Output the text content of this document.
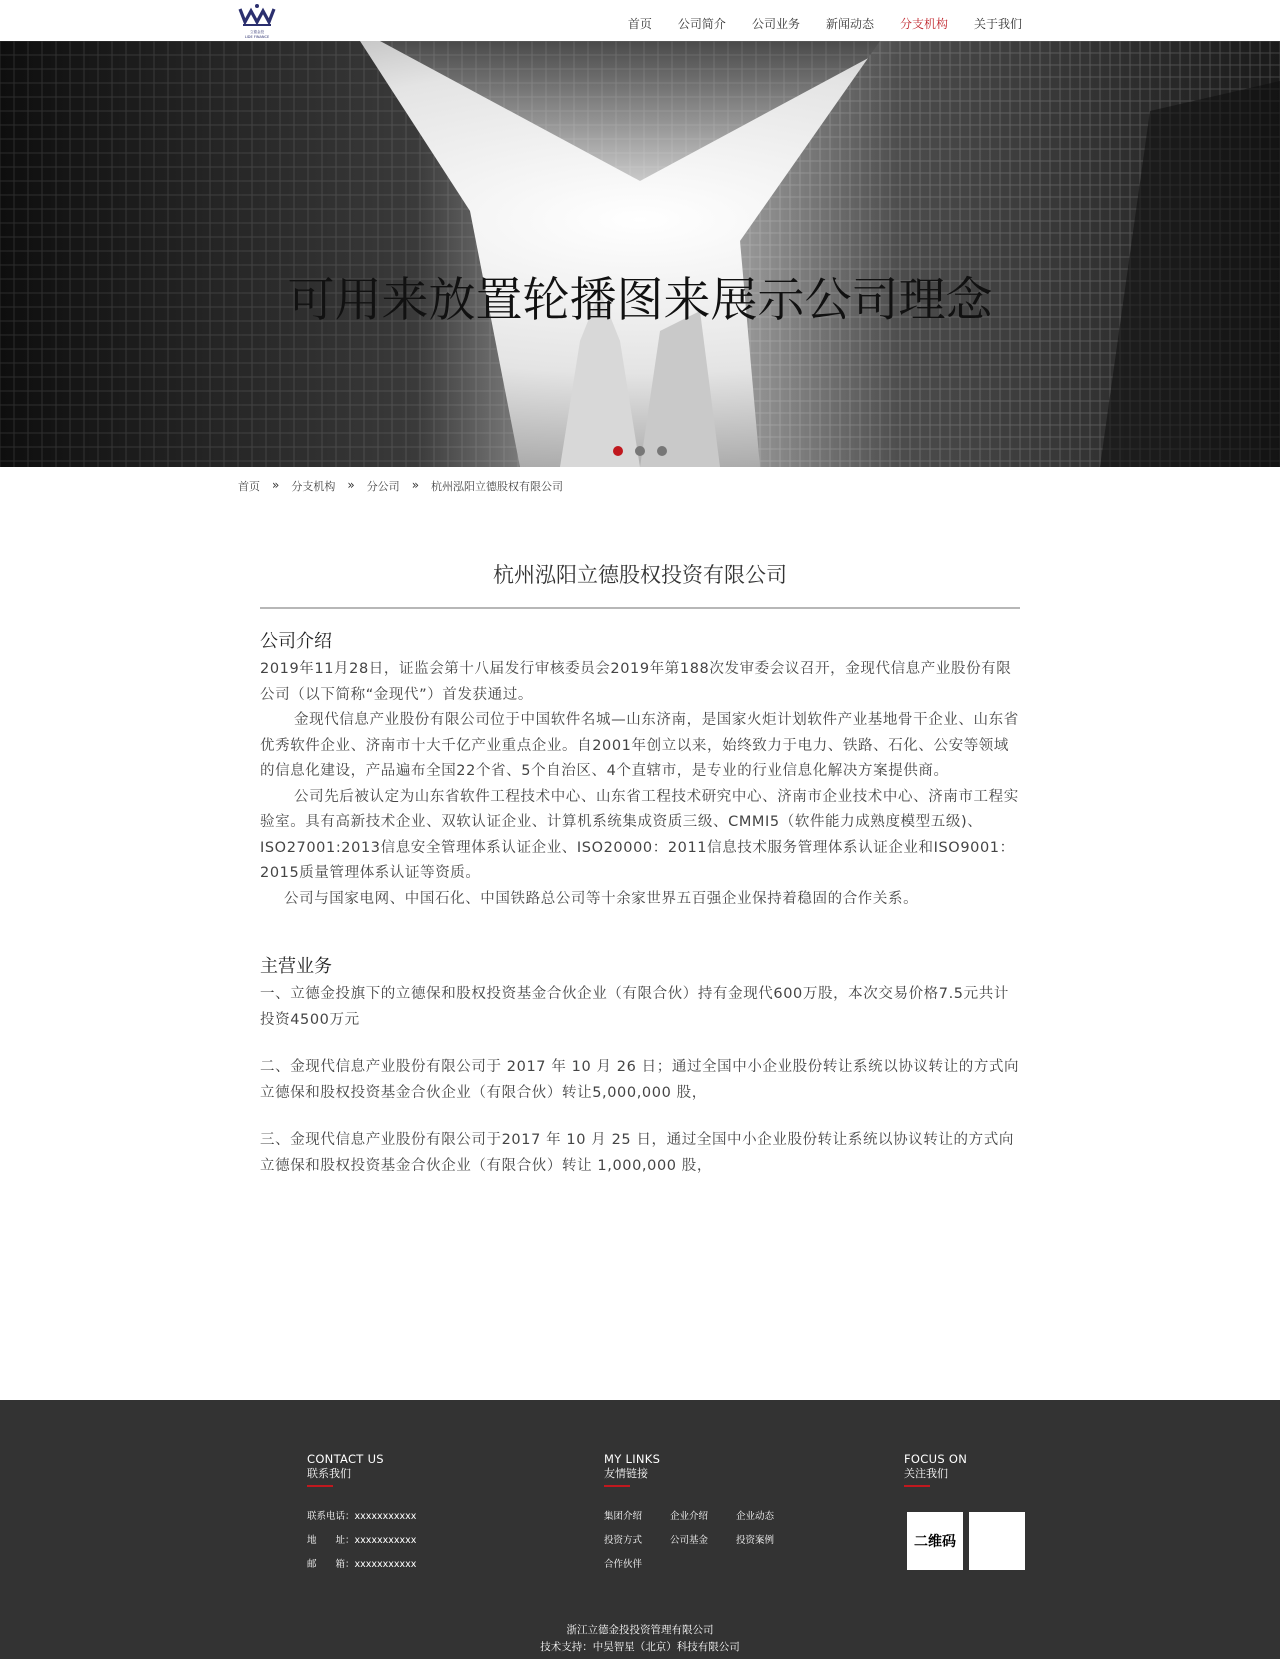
立德金投
LIDE FINANCE
首页 公司简介 公司业务 新闻动态 分支机构 关于我们
可用来放置轮播图来展示公司理念
首页 » 分支机构 » 分公司 » 杭州泓阳立德股权有限公司
杭州泓阳立德股权投资有限公司
公司介绍
2019年11月28日，证监会第十八届发行审核委员会2019年第188次发审委会议召开，金现代信息产业股份有限公司（以下简称“金现代”）首发获通过。
金现代信息产业股份有限公司位于中国软件名城—山东济南，是国家火炬计划软件产业基地骨干企业、山东省优秀软件企业、济南市十大千亿产业重点企业。自2001年创立以来，始终致力于电力、铁路、石化、公安等领域的信息化建设，产品遍布全国22个省、5个自治区、4个直辖市，是专业的行业信息化解决方案提供商。
公司先后被认定为山东省软件工程技术中心、山东省工程技术研究中心、济南市企业技术中心、济南市工程实验室。具有高新技术企业、双软认证企业、计算机系统集成资质三级、CMMI5（软件能力成熟度模型五级)、ISO27001:2013信息安全管理体系认证企业、ISO20000：2011信息技术服务管理体系认证企业和ISO9001：2015质量管理体系认证等资质。
公司与国家电网、中国石化、中国铁路总公司等十余家世界五百强企业保持着稳固的合作关系。
主营业务
一、立德金投旗下的立德保和股权投资基金合伙企业（有限合伙）持有金现代600万股，本次交易价格7.5元共计投资4500万元
二、金现代信息产业股份有限公司于 2017 年 10 月 26 日；通过全国中小企业股份转让系统以协议转让的方式向立德保和股权投资基金合伙企业（有限合伙）转让5,000,000 股，
三、金现代信息产业股份有限公司于2017 年 10 月 25 日，通过全国中小企业股份转让系统以协议转让的方式向立德保和股权投资基金合伙企业（有限合伙）转让 1,000,000 股，
CONTACT US
联系我们
联系电话：xxxxxxxxxxx
地　　址：xxxxxxxxxxx
邮　　箱：xxxxxxxxxxx
MY LINKS
友情链接
集团介绍	企业介绍	企业动态
投资方式	公司基金	投资案例
合作伙伴
FOCUS ON
关注我们
二维码
浙江立德金投投资管理有限公司
技术支持：中昊智星（北京）科技有限公司
